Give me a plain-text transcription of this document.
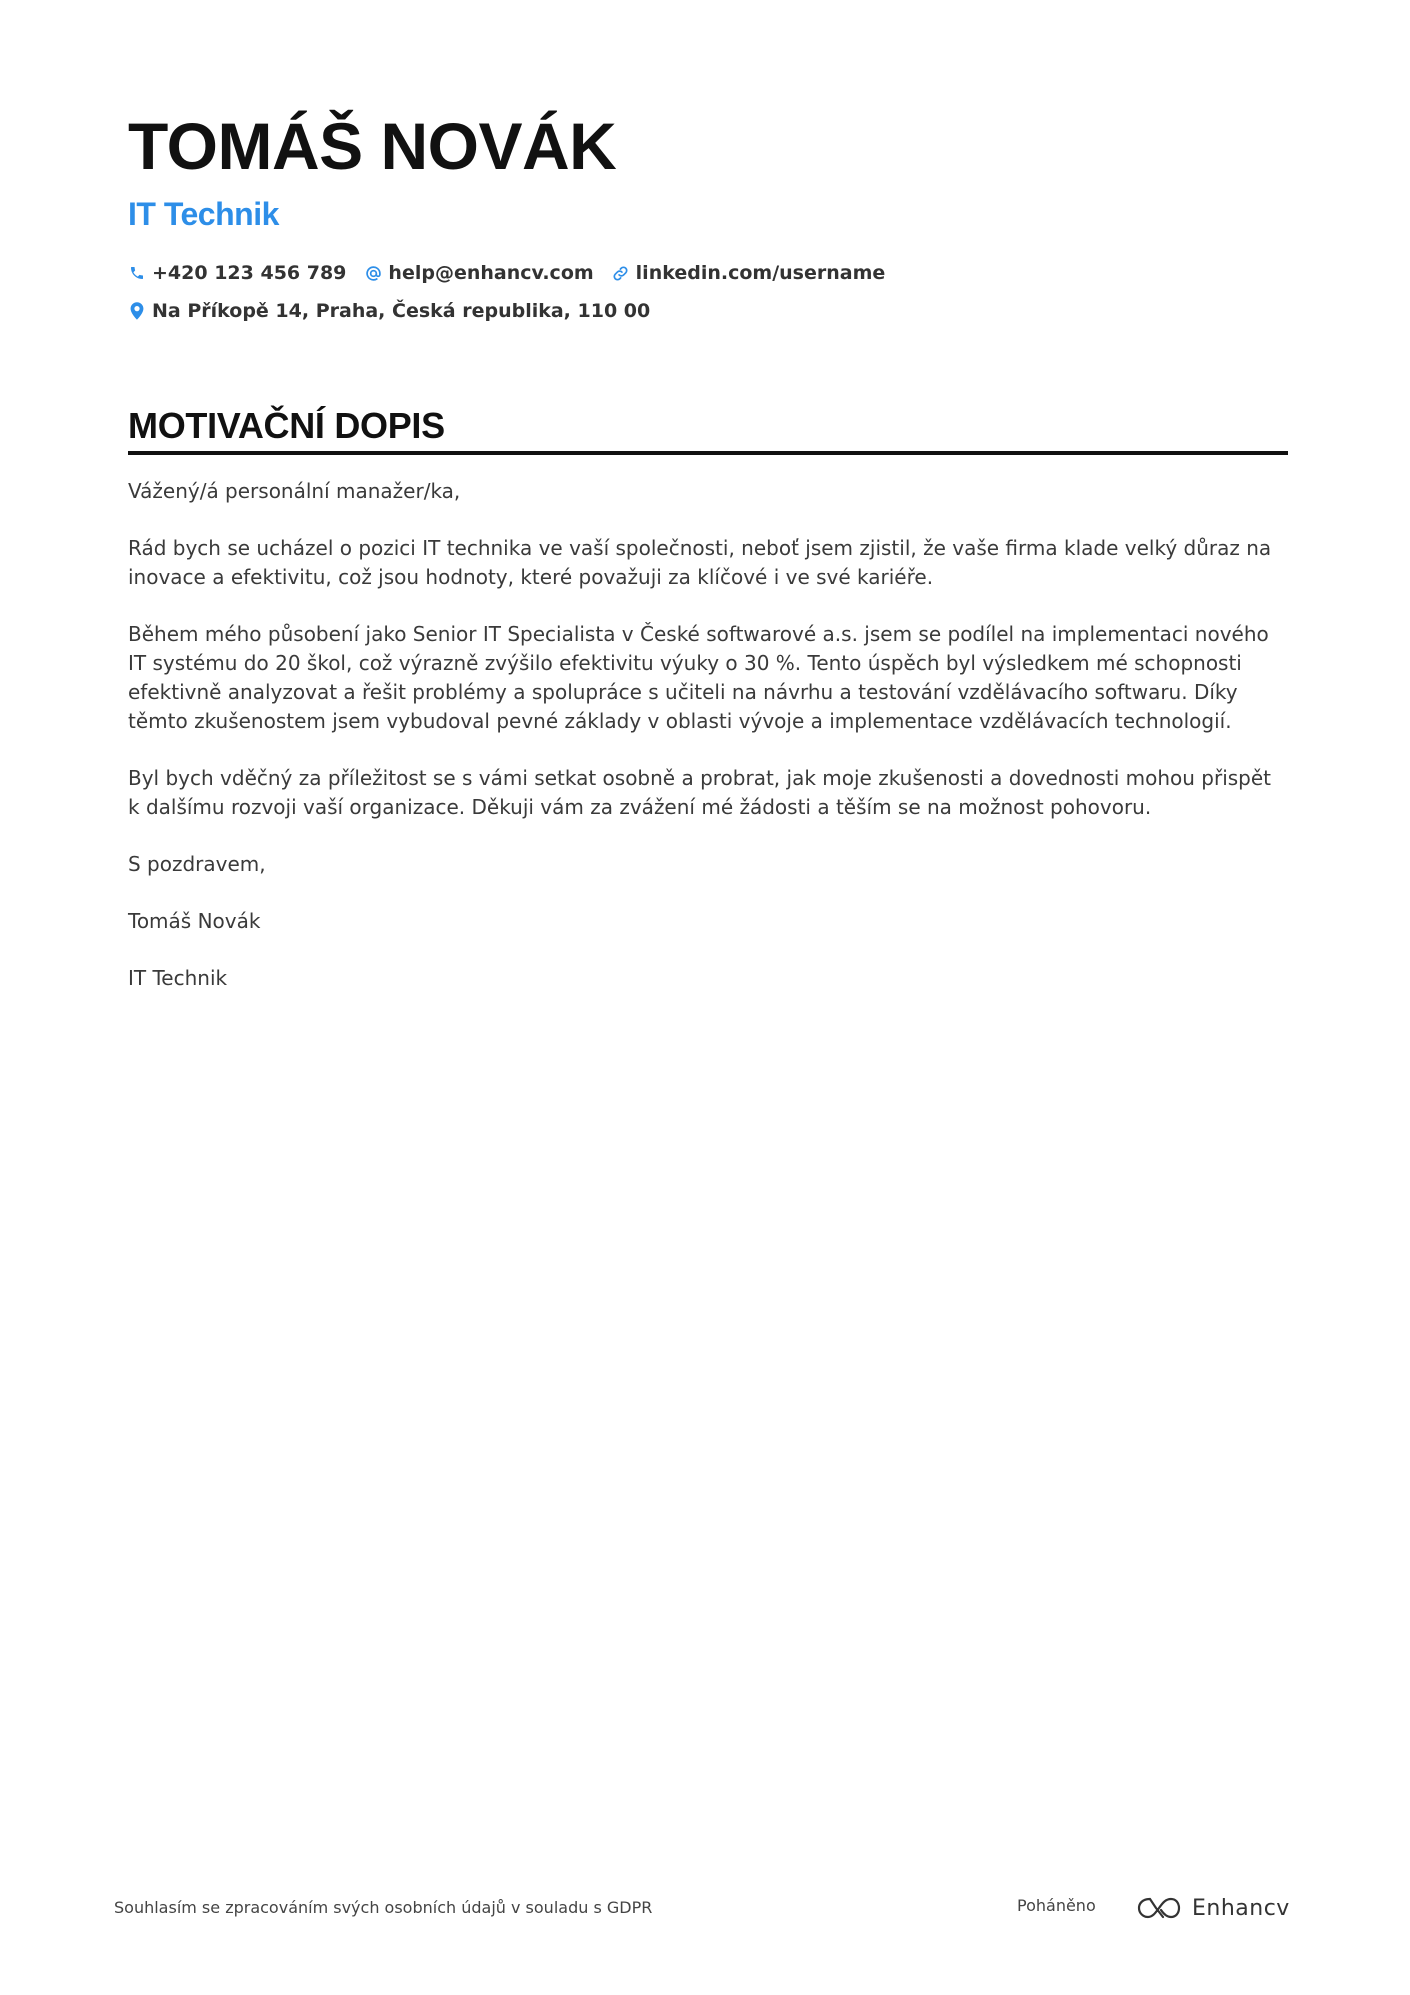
TOMÁŠ NOVÁK
IT Technik
+420 123 456 789 help@enhancv.com linkedin.com/username
Na Příkopě 14, Praha, Česká republika, 110 00
MOTIVAČNÍ DOPIS

Vážený/á personální manažer/ka,

Rád bych se ucházel o pozici IT technika ve vaší společnosti, neboť jsem zjistil, že vaše firma klade velký důraz na inovace a efektivitu, což jsou hodnoty, které považuji za klíčové i ve své kariéře.

Během mého působení jako Senior IT Specialista v České softwarové a.s. jsem se podílel na implementaci nového IT systému do 20 škol, což výrazně zvýšilo efektivitu výuky o 30 %. Tento úspěch byl výsledkem mé schopnosti efektivně analyzovat a řešit problémy a spolupráce s učiteli na návrhu a testování vzdělávacího softwaru. Díky těmto zkušenostem jsem vybudoval pevné základy v oblasti vývoje a implementace vzdělávacích technologií.

Byl bych vděčný za příležitost se s vámi setkat osobně a probrat, jak moje zkušenosti a dovednosti mohou přispět k dalšímu rozvoji vaší organizace. Děkuji vám za zvážení mé žádosti a těším se na možnost pohovoru.

S pozdravem,

Tomáš Novák

IT Technik

Souhlasím se zpracováním svých osobních údajů v souladu s GDPR	Poháněno	Enhancv
